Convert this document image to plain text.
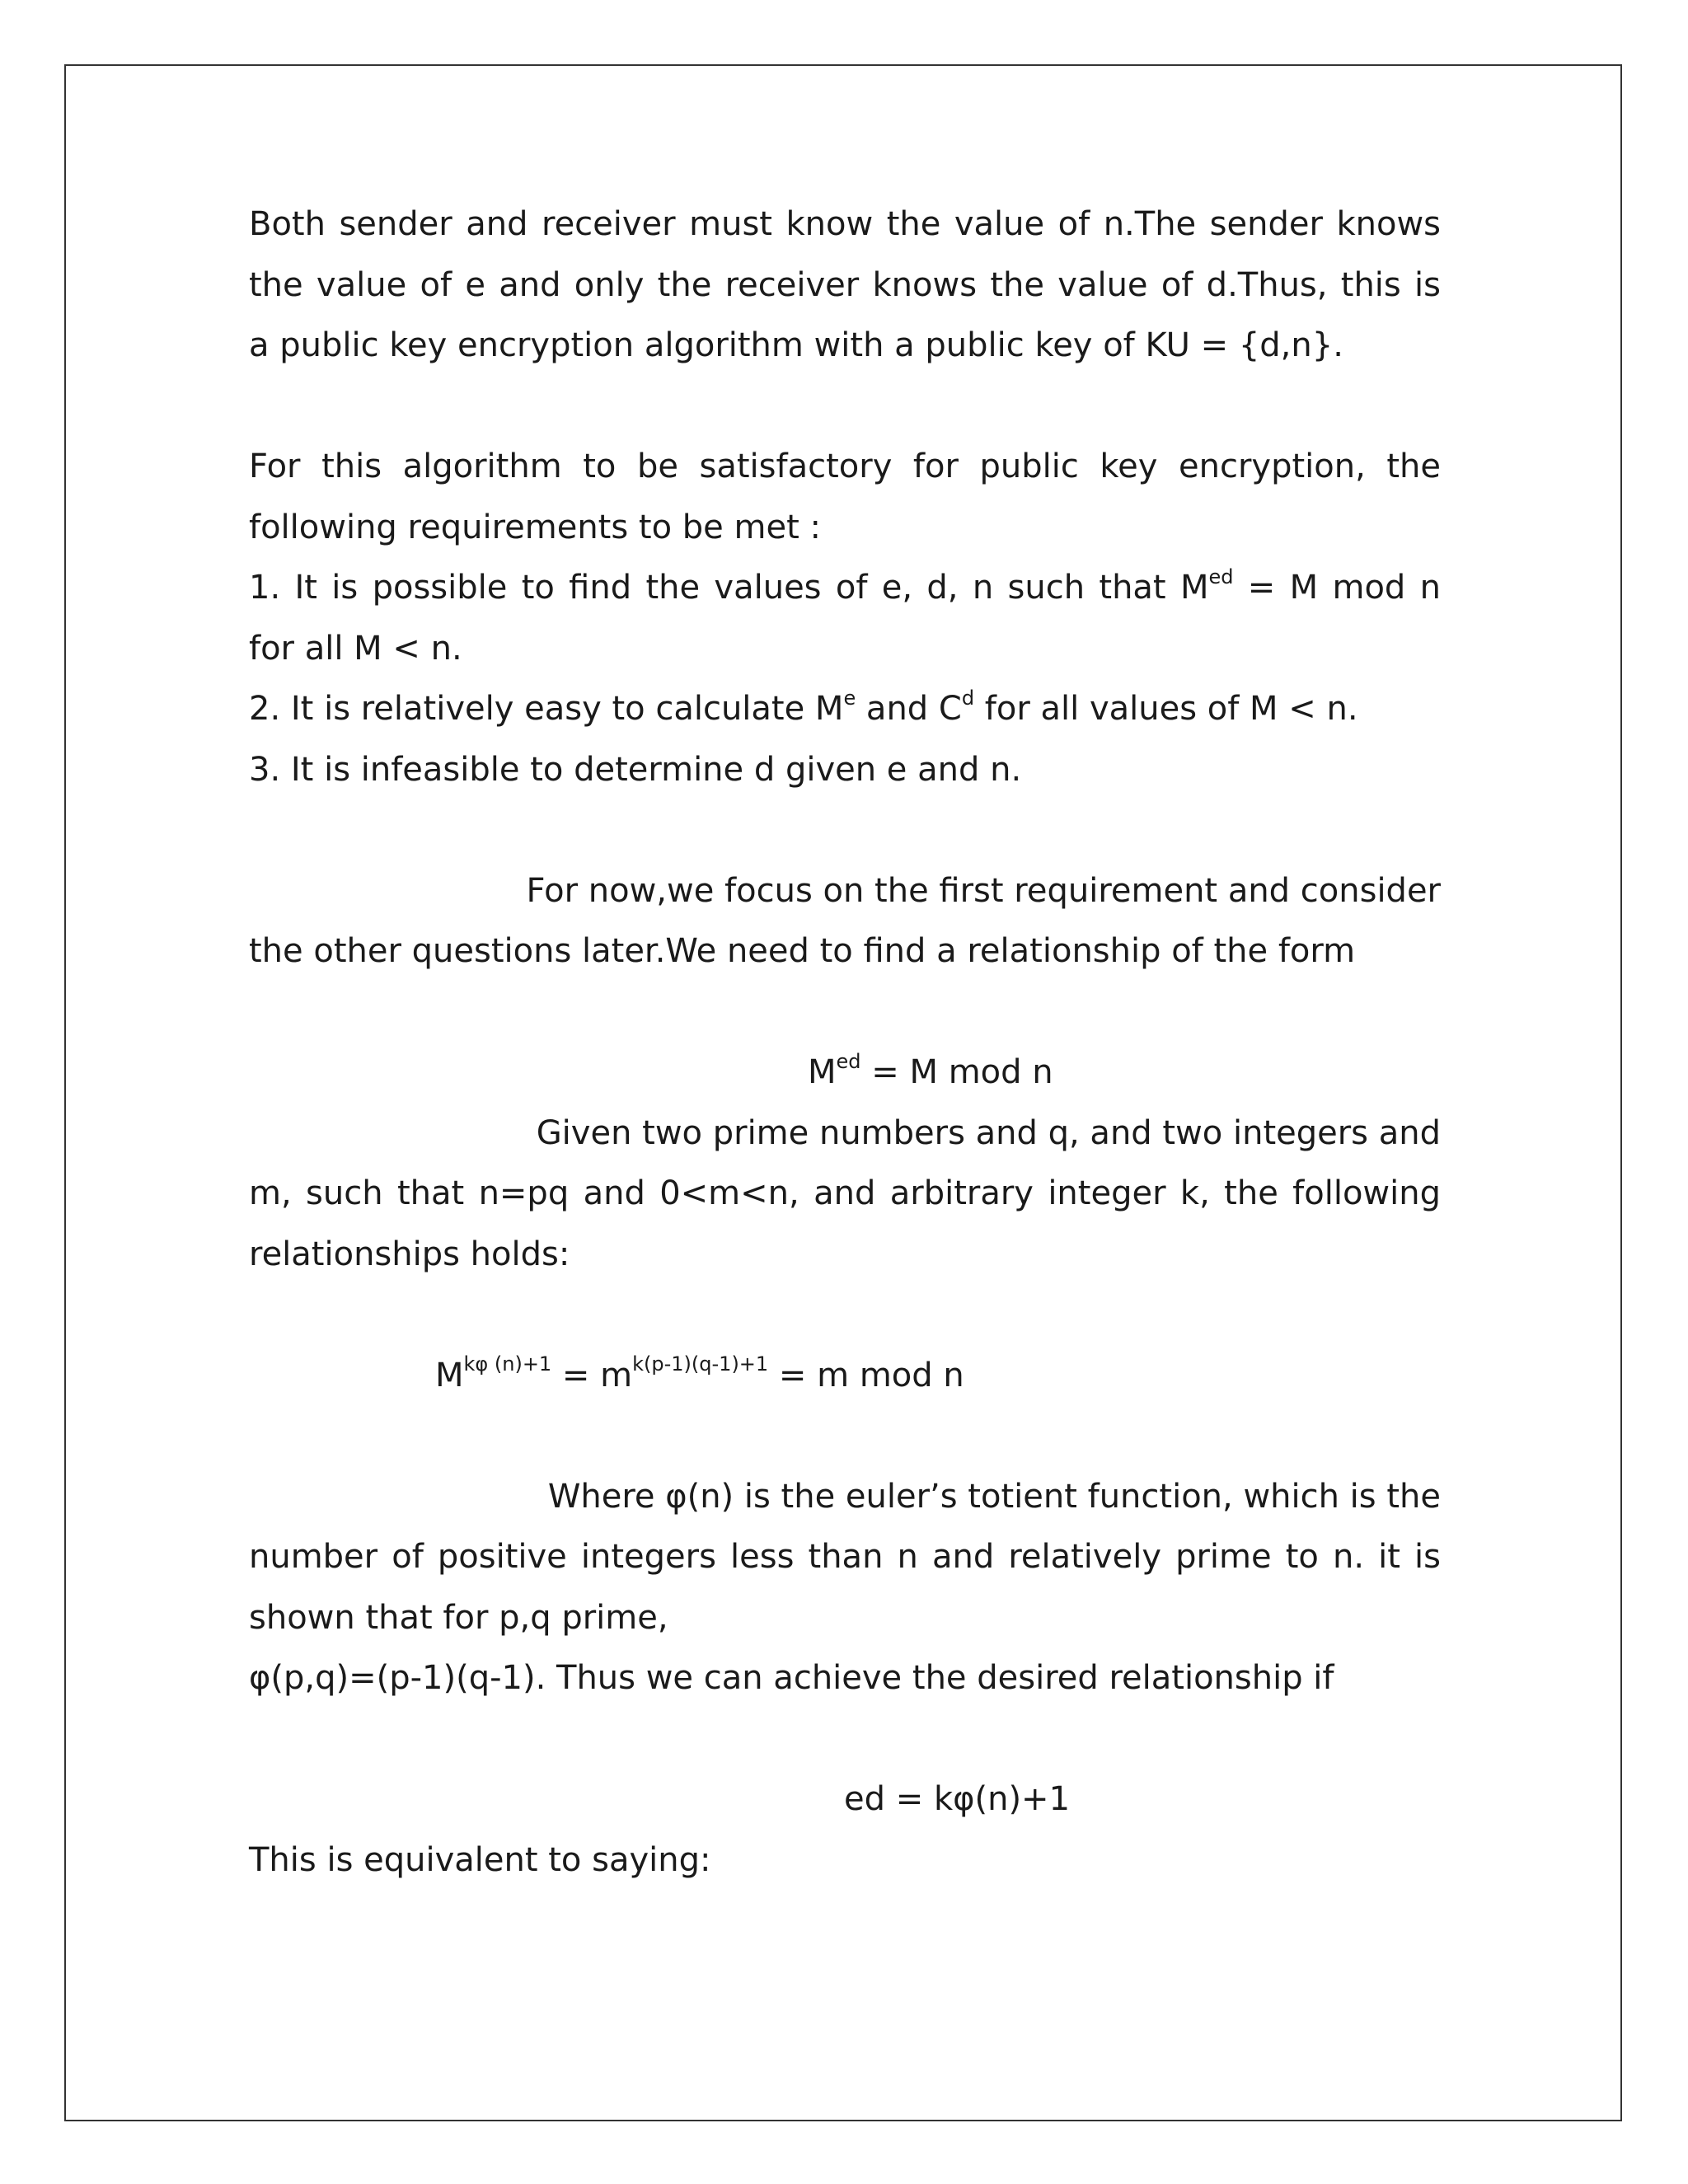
Both sender and receiver must know the value of n.The sender knows
the value of e and only the receiver knows the value of d.Thus, this is
a public key encryption algorithm with a public key of KU = {d,n}.
For this algorithm to be satisfactory for public key encryption, the
following requirements to be met :
1. It is possible to find the values of e, d, n such that $M^{ed} = M$ mod n
for all M < n.
2. It is relatively easy to calculate Me and $C^d$ for all values of M < n.
3. It is infeasible to determine d given e and n.
For now,we focus on the first requirement and consider
the other questions later.We need to find a relationship of the form
$M^{ed} = M$ mod n
Given two prime numbers and q, and two integers and
m, such that n=pq and 0<m<n, and arbitrary integer k, the following
relationships holds:
$M^{k\varphi (n)+1} = m^{k(p-1)(q-1)+1} = m$ mod n
Where φ(n) is the euler’s totient function, which is the
number of positive integers less than n and relatively prime to n. it is
shown that for p,q prime,
φ(p,q)=(p-1)(q-1). Thus we can achieve the desired relationship if
ed = kφ(n)+1
This is equivalent to saying:
